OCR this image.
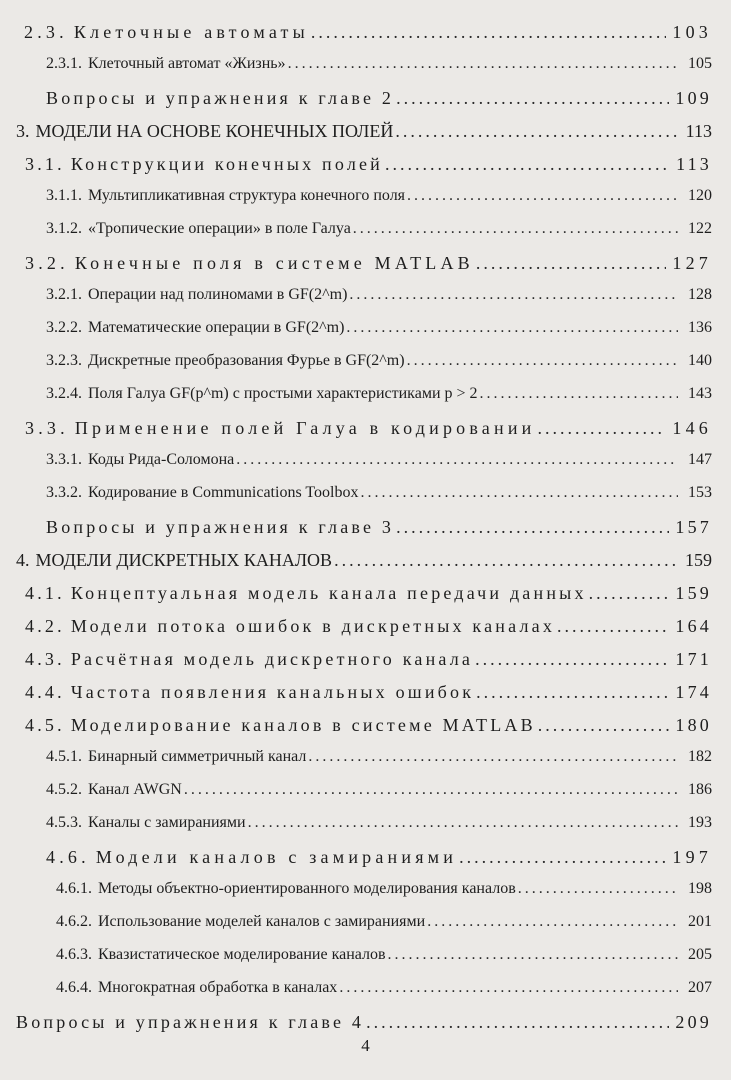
2.3. Клеточные автоматы .....	103
2.3.1. Клеточный автомат «Жизнь» .....	105
Вопросы и упражнения к главе 2 .....	109
3. МОДЕЛИ НА ОСНОВЕ КОНЕЧНЫХ ПОЛЕЙ .....	113
3.1. Конструкции конечных полей .....	113
3.1.1. Мультипликативная структура конечного поля .....	120
3.1.2. «Тропические операции» в поле Галуа .....	122
3.2. Конечные поля в системе MATLAB .....	127
3.2.1. Операции над полиномами в GF(2^m) .....	128
3.2.2. Математические операции в GF(2^m) .....	136
3.2.3. Дискретные преобразования Фурье в GF(2^m) .....	140
3.2.4. Поля Галуа GF(p^m) с простыми характеристиками p > 2 .....	143
3.3. Применение полей Галуа в кодировании .....	146
3.3.1. Коды Рида-Соломона .....	147
3.3.2. Кодирование в Communications Toolbox .....	153
Вопросы и упражнения к главе 3 .....	157
4. МОДЕЛИ ДИСКРЕТНЫХ КАНАЛОВ .....	159
4.1. Концептуальная модель канала передачи данных .....	159
4.2. Модели потока ошибок в дискретных каналах .....	164
4.3. Расчётная модель дискретного канала .....	171
4.4. Частота появления канальных ошибок .....	174
4.5. Моделирование каналов в системе MATLAB .....	180
4.5.1. Бинарный симметричный канал .....	182
4.5.2. Канал AWGN .....	186
4.5.3. Каналы с замираниями .....	193
4.6. Модели каналов с замираниями .....	197
4.6.1. Методы объектно-ориентированного моделирования каналов .....	198
4.6.2. Использование моделей каналов с замираниями .....	201
4.6.3. Квазистатическое моделирование каналов .....	205
4.6.4. Многократная обработка в каналах .....	207
Вопросы и упражнения к главе 4 .....	209
4
